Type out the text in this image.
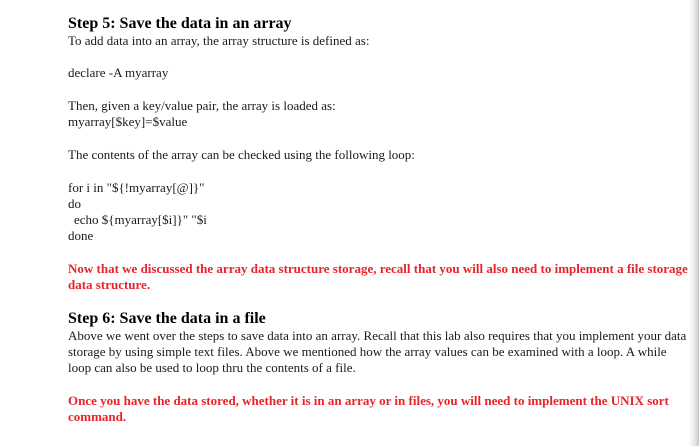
Step 5: Save the data in an array

To add data into an array, the array structure is defined as:

declare -A myarray

Then, given a key/value pair, the array is loaded as:

myarray[$key]=$value

The contents of the array can be checked using the following loop:

for i in "${!myarray[@]}"

do

echo ${myarray[$i]}" "$i

done

Now that we discussed the array data structure storage, recall that you will also need to implement a file storage data structure.

Step 6: Save the data in a file

Above we went over the steps to save data into an array. Recall that this lab also requires that you implement your data storage by using simple text files. Above we mentioned how the array values can be examined with a loop. A while loop can also be used to loop thru the contents of a file.

Once you have the data stored, whether it is in an array or in files, you will need to implement the UNIX sort command.
